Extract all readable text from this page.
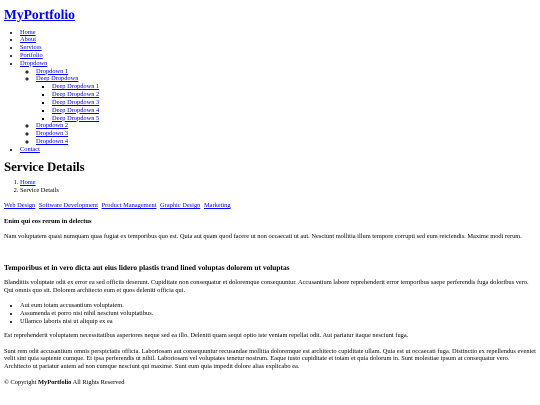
MyPortfolio
• Home
• About
• Services
• Portfolio
• Dropdown
◦ Dropdown 1
◦ Deep Dropdown
▪ Deep Dropdown 1
▪ Deep Dropdown 2
▪ Deep Dropdown 3
▪ Deep Dropdown 4
▪ Deep Dropdown 5
◦ Dropdown 2
◦ Dropdown 3
◦ Dropdown 4
• Contact
Service Details
1. Home
2. Service Details
Web Design Software Development Product Management Graphic Design Marketing
Enim qui eos rerum in delectus

Nam voluptatem quasi numquam quas fugiat ex temporibus quo est. Quia aut quam quod facere ut non occaecati ut aut. Nesciunt mollitia illum tempore corrupti sed eum reiciendis. Maxime modi rerum.

Temporibus et in vero dicta aut eius lidero plastis trand lined voluptas dolorem ut voluptas

Blanditiis voluptate odit ex error ea sed officiis deserunt. Cupiditate non consequatur et doloremque consequuntur. Accusantium labore reprehenderit error temporibus saepe perferendis fuga doloribus vero. Qui omnis quo sit. Dolorem architecto eum et quos deleniti officia qui.

• Aut eum totam accusantium voluptatem.
• Assumenda et porro nisi nihil nesciunt voluptatibus.
• Ullamco laboris nisi ut aliquip ex ea

Est reprehenderit voluptatem necessitatibus asperiores neque sed ea illo. Deleniti quam sequi optio iste veniam repellat odit. Aut pariatur itaque nesciunt fuga.

Sunt rem odit accusantium omnis perspiciatis officia. Laboriosam aut consequuntur recusandae mollitia doloremque est architecto cupiditate ullam. Quia est ut occaecati fuga. Distinctio ex repellendus eveniet velit sint quia sapiente cumque. Et ipsa perferendis ut nihil. Laboriosam vel voluptates tenetur nostrum. Eaque iusto cupiditate et totam et quia dolorum in. Sunt molestiae ipsum at consequatur vero. Architecto ut pariatur autem ad non cumque nesciunt qui maxime. Sunt eum quia impedit dolore alias explicabo ea.

© Copyright MyPortfolio All Rights Reserved
